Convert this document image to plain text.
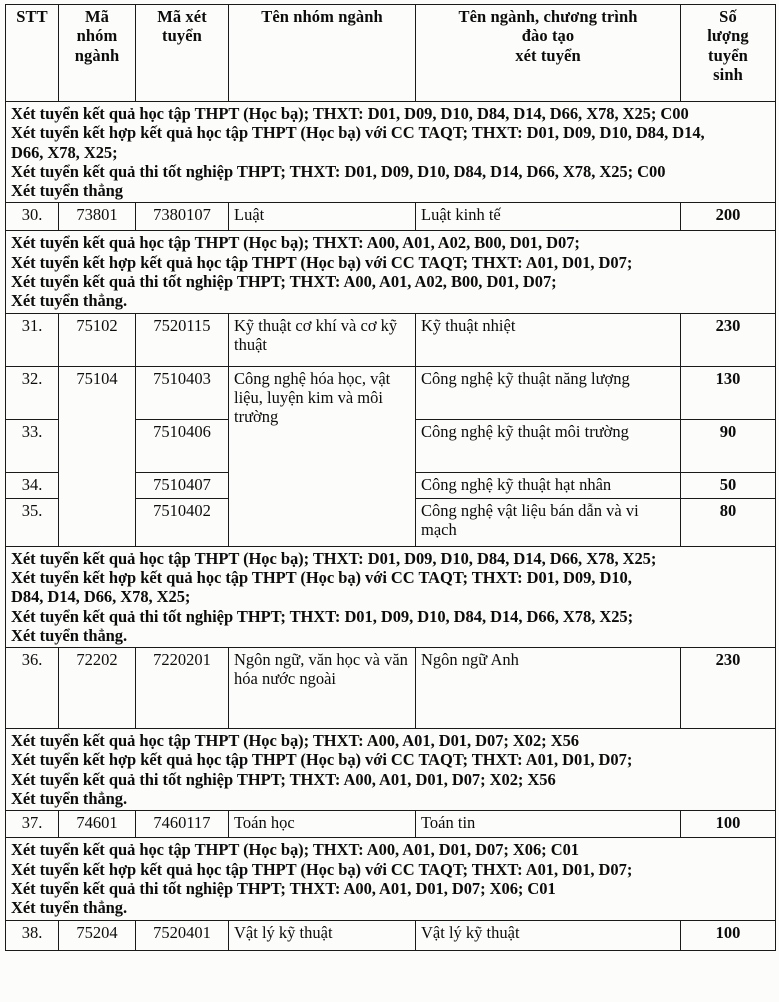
STT	Mã
nhóm
ngành	Mã xét
tuyển	Tên nhóm ngành	Tên ngành, chương trình
đào tạo
xét tuyển	Số
lượng
tuyển
sinh

Xét tuyển kết quả học tập THPT (Học bạ); THXT: D01, D09, D10, D84, D14, D66, X78, X25; C00
Xét tuyển kết hợp kết quả học tập THPT (Học bạ) với CC TAQT; THXT: D01, D09, D10, D84, D14,
D66, X78, X25;
Xét tuyển kết quả thi tốt nghiệp THPT; THXT: D01, D09, D10, D84, D14, D66, X78, X25; C00
Xét tuyển thẳng					

30.	73801	7380107	Luật	Luật kinh tế	200

Xét tuyển kết quả học tập THPT (Học bạ); THXT: A00, A01, A02, B00, D01, D07;
Xét tuyển kết hợp kết quả học tập THPT (Học bạ) với CC TAQT; THXT: A01, D01, D07;
Xét tuyển kết quả thi tốt nghiệp THPT; THXT: A00, A01, A02, B00, D01, D07;
Xét tuyển thẳng.					

31.	75102	7520115	Kỹ thuật cơ khí và cơ kỹ thuật	Kỹ thuật nhiệt	230
32.	75104	7510403	Công nghệ hóa học, vật liệu, luyện kim và môi trường	Công nghệ kỹ thuật năng lượng	130
33.		7510406		Công nghệ kỹ thuật môi trường	90
34.		7510407		Công nghệ kỹ thuật hạt nhân	50
35.		7510402		Công nghệ vật liệu bán dẫn và vi mạch	80

Xét tuyển kết quả học tập THPT (Học bạ); THXT: D01, D09, D10, D84, D14, D66, X78, X25;
Xét tuyển kết hợp kết quả học tập THPT (Học bạ) với CC TAQT; THXT: D01, D09, D10,
D84, D14, D66, X78, X25;
Xét tuyển kết quả thi tốt nghiệp THPT; THXT: D01, D09, D10, D84, D14, D66, X78, X25;
Xét tuyển thẳng.					

36.	72202	7220201	Ngôn ngữ, văn học và văn hóa nước ngoài	Ngôn ngữ Anh	230

Xét tuyển kết quả học tập THPT (Học bạ); THXT: A00, A01, D01, D07; X02; X56
Xét tuyển kết hợp kết quả học tập THPT (Học bạ) với CC TAQT; THXT: A01, D01, D07;
Xét tuyển kết quả thi tốt nghiệp THPT; THXT: A00, A01, D01, D07; X02; X56
Xét tuyển thẳng.					

37.	74601	7460117	Toán học	Toán tin	100

Xét tuyển kết quả học tập THPT (Học bạ); THXT: A00, A01, D01, D07; X06; C01
Xét tuyển kết hợp kết quả học tập THPT (Học bạ) với CC TAQT; THXT: A01, D01, D07;
Xét tuyển kết quả thi tốt nghiệp THPT; THXT: A00, A01, D01, D07; X06; C01
Xét tuyển thẳng.					

38.	75204	7520401	Vật lý kỹ thuật	Vật lý kỹ thuật	100
